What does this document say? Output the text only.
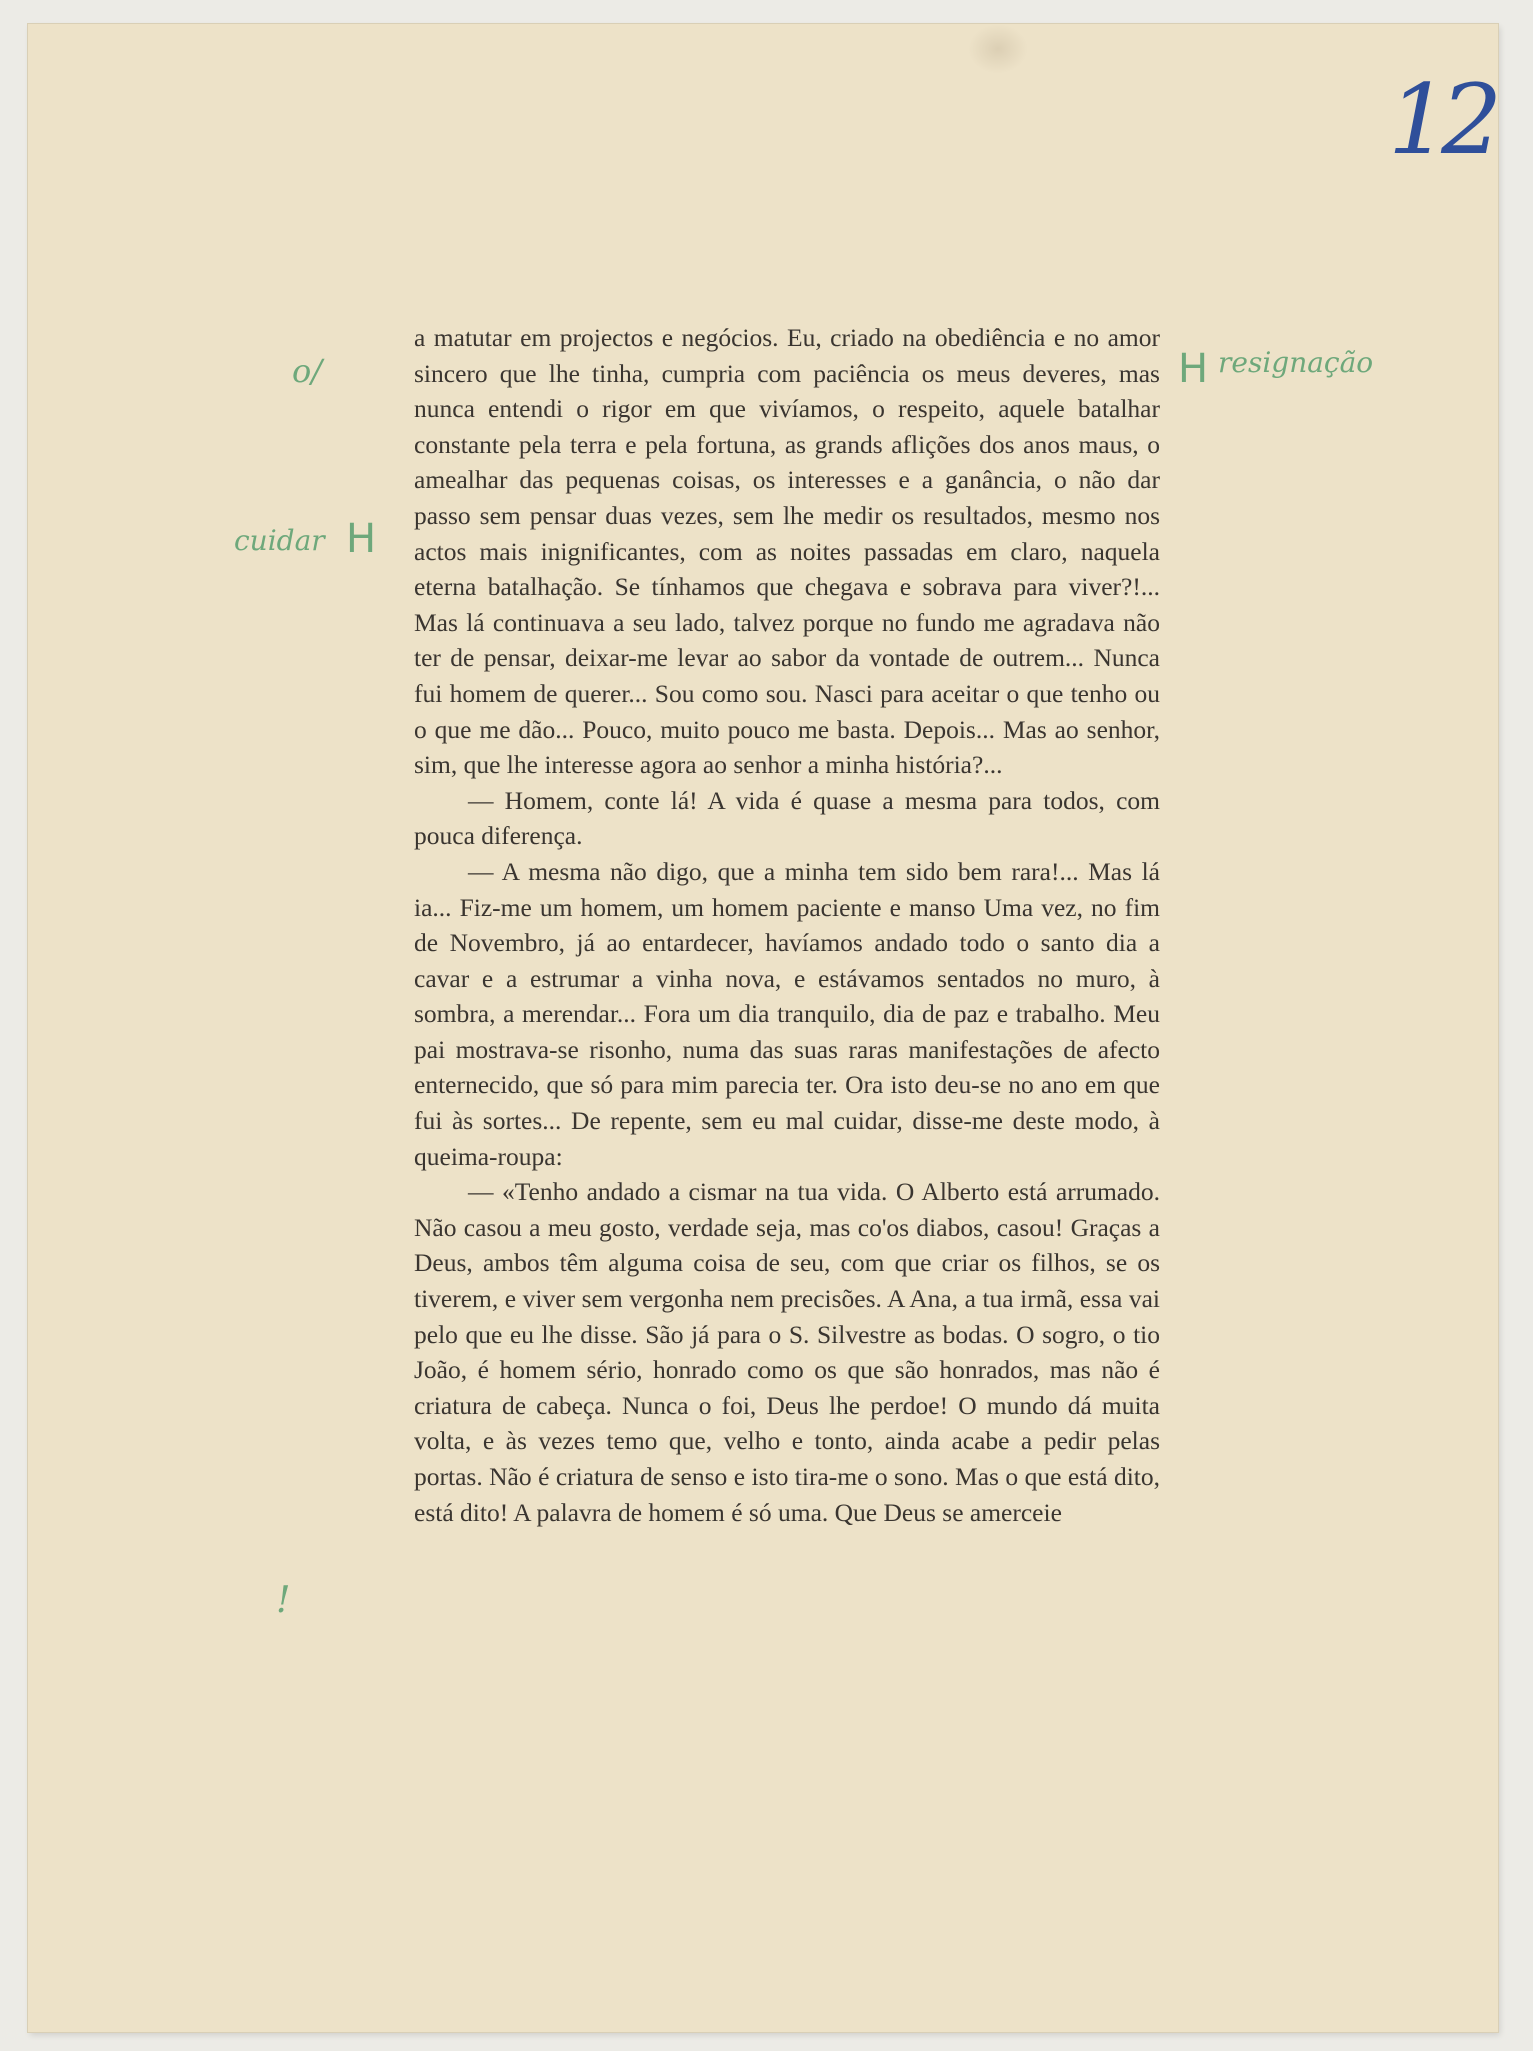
12
o/
cuidar H
H resignação
!

a matutar em projectos e negócios. Eu, criado na obediência e no amor sincero que lhe tinha, cumpria com paciência os meus deveres, mas nunca entendi o rigor em que vivíamos, o respeito, aquele batalhar constante pela terra e pela fortuna, as grands aflições dos anos maus, o amealhar das pequenas coisas, os interesses e a ganância, o não dar passo sem pensar duas vezes, sem lhe medir os resultados, mesmo nos actos mais inignificantes, com as noites passadas em claro, naquela eterna batalhação. Se tínhamos que chegava e sobrava para viver?!... Mas lá continuava a seu lado, talvez porque no fundo me agradava não ter de pensar, deixar-me levar ao sabor da vontade de outrem... Nunca fui homem de querer... Sou como sou. Nasci para aceitar o que tenho ou o que me dão... Pouco, muito pouco me basta. Depois... Mas ao senhor, sim, que lhe interesse agora ao senhor a minha história?...

— Homem, conte lá! A vida é quase a mesma para todos, com pouca diferença.

— A mesma não digo, que a minha tem sido bem rara!... Mas lá ia... Fiz-me um homem, um homem paciente e manso Uma vez, no fim de Novembro, já ao entardecer, havíamos andado todo o santo dia a cavar e a estrumar a vinha nova, e estávamos sentados no muro, à sombra, a merendar... Fora um dia tranquilo, dia de paz e trabalho. Meu pai mostrava-se risonho, numa das suas raras manifestações de afecto enternecido, que só para mim parecia ter. Ora isto deu-se no ano em que fui às sortes... De repente, sem eu mal cuidar, disse-me deste modo, à queima-roupa:

— «Tenho andado a cismar na tua vida. O Alberto está arrumado. Não casou a meu gosto, verdade seja, mas co'os diabos, casou! Graças a Deus, ambos têm alguma coisa de seu, com que criar os filhos, se os tiverem, e viver sem vergonha nem precisões. A Ana, a tua irmã, essa vai pelo que eu lhe disse. São já para o S. Silvestre as bodas. O sogro, o tio João, é homem sério, honrado como os que são honrados, mas não é criatura de cabeça. Nunca o foi, Deus lhe perdoe! O mundo dá muita volta, e às vezes temo que, velho e tonto, ainda acabe a pedir pelas portas. Não é criatura de senso e isto tira-me o sono. Mas o que está dito, está dito! A palavra de homem é só uma. Que Deus se amerceie
